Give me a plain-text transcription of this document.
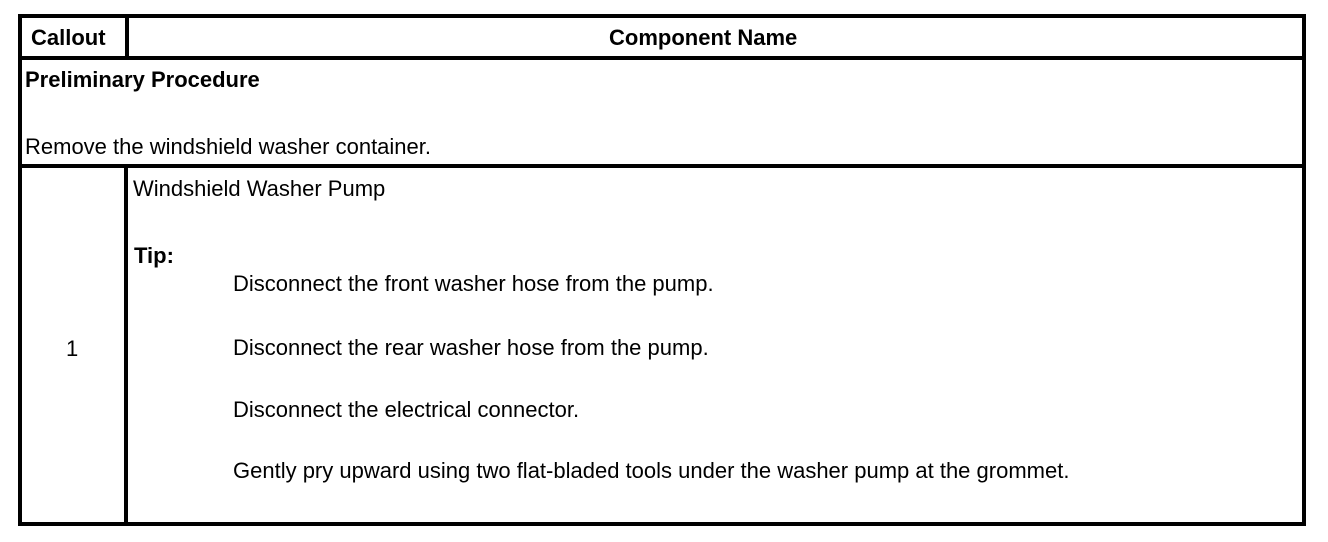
Callout	Component Name
Preliminary Procedure
Remove the windshield washer container.
1
Windshield Washer Pump
Tip:
Disconnect the front washer hose from the pump.
Disconnect the rear washer hose from the pump.
Disconnect the electrical connector.
Gently pry upward using two flat-bladed tools under the washer pump at the grommet.
